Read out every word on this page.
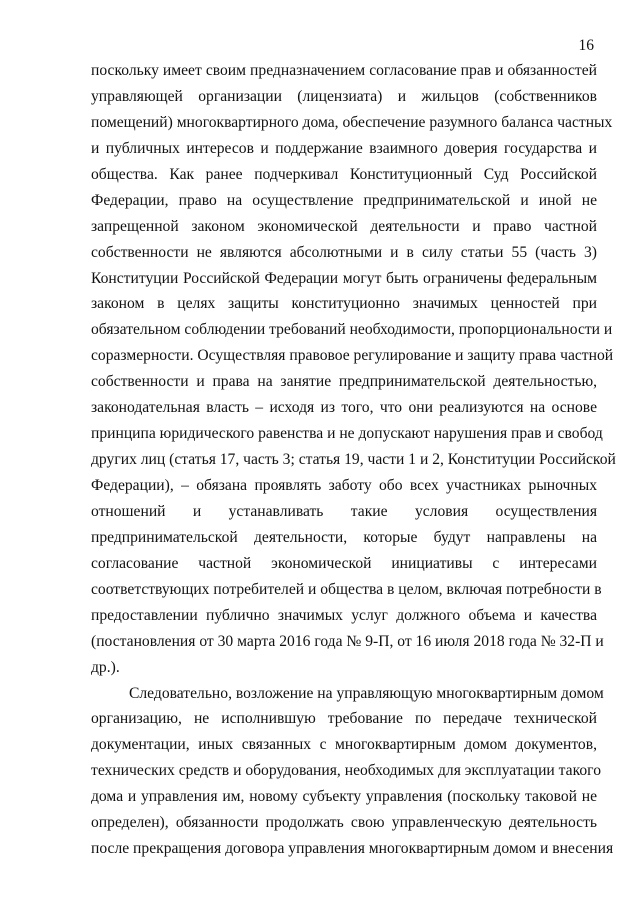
16
поскольку имеет своим предназначением согласование прав и обязанностей
управляющей организации (лицензиата) и жильцов (собственников
помещений) многоквартирного дома, обеспечение разумного баланса частных
и публичных интересов и поддержание взаимного доверия государства и
общества. Как ранее подчеркивал Конституционный Суд Российской
Федерации, право на осуществление предпринимательской и иной не
запрещенной законом экономической деятельности и право частной
собственности не являются абсолютными и в силу статьи 55 (часть 3)
Конституции Российской Федерации могут быть ограничены федеральным
законом в целях защиты конституционно значимых ценностей при
обязательном соблюдении требований необходимости, пропорциональности и
соразмерности. Осуществляя правовое регулирование и защиту права частной
собственности и права на занятие предпринимательской деятельностью,
законодательная власть – исходя из того, что они реализуются на основе
принципа юридического равенства и не допускают нарушения прав и свобод
других лиц (статья 17, часть 3; статья 19, части 1 и 2, Конституции Российской
Федерации), – обязана проявлять заботу обо всех участниках рыночных
отношений и устанавливать такие условия осуществления
предпринимательской деятельности, которые будут направлены на
согласование частной экономической инициативы с интересами
соответствующих потребителей и общества в целом, включая потребности в
предоставлении публично значимых услуг должного объема и качества
(постановления от 30 марта 2016 года № 9-П, от 16 июля 2018 года № 32-П и
др.).
Следовательно, возложение на управляющую многоквартирным домом
организацию, не исполнившую требование по передаче технической
документации, иных связанных с многоквартирным домом документов,
технических средств и оборудования, необходимых для эксплуатации такого
дома и управления им, новому субъекту управления (поскольку таковой не
определен), обязанности продолжать свою управленческую деятельность
после прекращения договора управления многоквартирным домом и внесения
